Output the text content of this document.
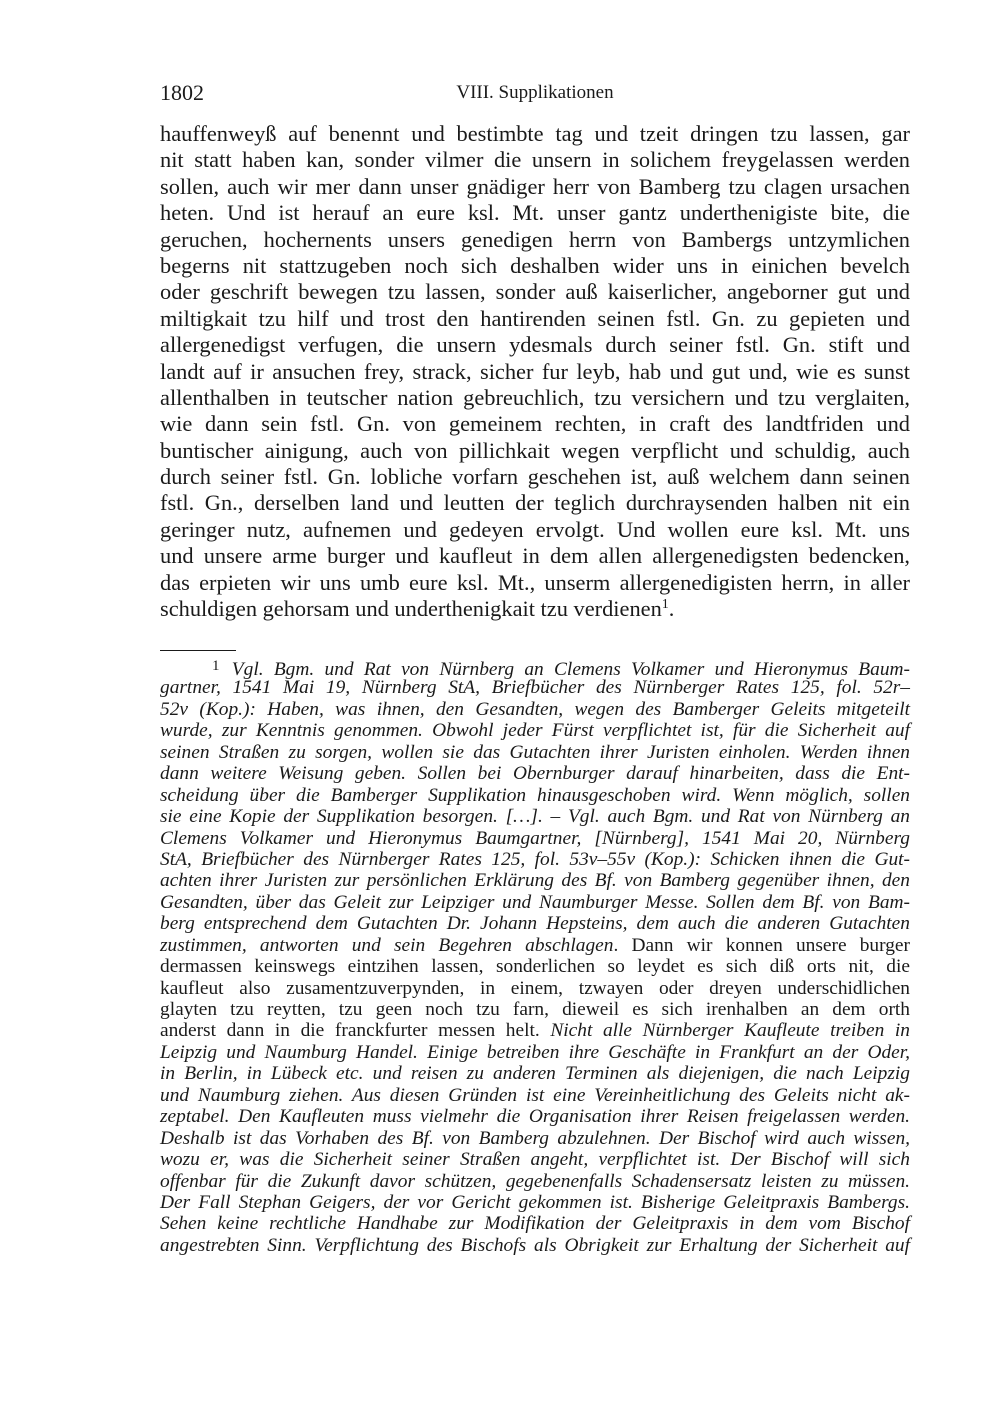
1802	VIII. Supplikationen
hauffenweyß auf benennt und bestimbte tag und tzeit dringen tzu lassen, gar
nit statt haben kan, sonder vilmer die unsern in solichem freygelassen werden
sollen, auch wir mer dann unser gnädiger herr von Bamberg tzu clagen ursachen
heten. Und ist herauf an eure ksl. Mt. unser gantz underthenigiste bite, die
geruchen, hochernents unsers genedigen herrn von Bambergs untzymlichen
begerns nit stattzugeben noch sich deshalben wider uns in einichen bevelch
oder geschrift bewegen tzu lassen, sonder auß kaiserlicher, angeborner gut und
miltigkait tzu hilf und trost den hantirenden seinen fstl. Gn. zu gepieten und
allergenedigst verfugen, die unsern ydesmals durch seiner fstl. Gn. stift und
landt auf ir ansuchen frey, strack, sicher fur leyb, hab und gut und, wie es sunst
allenthalben in teutscher nation gebreuchlich, tzu versichern und tzu verglaiten,
wie dann sein fstl. Gn. von gemeinem rechten, in craft des landtfriden und
buntischer ainigung, auch von pillichkait wegen verpflicht und schuldig, auch
durch seiner fstl. Gn. lobliche vorfarn geschehen ist, auß welchem dann seinen
fstl. Gn., derselben land und leutten der teglich durchraysenden halben nit ein
geringer nutz, aufnemen und gedeyen ervolgt. Und wollen eure ksl. Mt. uns
und unsere arme burger und kaufleut in dem allen allergenedigsten bedencken,
das erpieten wir uns umb eure ksl. Mt., unserm allergenedigisten herrn, in aller
schuldigen gehorsam und underthenigkait tzu verdienen$^1$.
$^1$ Vgl. Bgm. und Rat von Nürnberg an Clemens Volkamer und Hieronymus Baum-
gartner, 1541 Mai 19, Nürnberg StA, Briefbücher des Nürnberger Rates 125, fol. 52r–
52v (Kop.): Haben, was ihnen, den Gesandten, wegen des Bamberger Geleits mitgeteilt
wurde, zur Kenntnis genommen. Obwohl jeder Fürst verpflichtet ist, für die Sicherheit auf
seinen Straßen zu sorgen, wollen sie das Gutachten ihrer Juristen einholen. Werden ihnen
dann weitere Weisung geben. Sollen bei Obernburger darauf hinarbeiten, dass die Ent-
scheidung über die Bamberger Supplikation hinausgeschoben wird. Wenn möglich, sollen
sie eine Kopie der Supplikation besorgen. […]. – Vgl. auch Bgm. und Rat von Nürnberg an
Clemens Volkamer und Hieronymus Baumgartner, [Nürnberg], 1541 Mai 20, Nürnberg
StA, Briefbücher des Nürnberger Rates 125, fol. 53v–55v (Kop.): Schicken ihnen die Gut-
achten ihrer Juristen zur persönlichen Erklärung des Bf. von Bamberg gegenüber ihnen, den
Gesandten, über das Geleit zur Leipziger und Naumburger Messe. Sollen dem Bf. von Bam-
berg entsprechend dem Gutachten Dr. Johann Hepsteins, dem auch die anderen Gutachten
zustimmen, antworten und sein Begehren abschlagen. Dann wir konnen unsere burger
dermassen keinswegs eintzihen lassen, sonderlichen so leydet es sich diß orts nit, die
kaufleut also zusamentzuverpynden, in einem, tzwayen oder dreyen underschidlichen
glayten tzu reytten, tzu geen noch tzu farn, dieweil es sich irenhalben an dem orth
anderst dann in die franckfurter messen helt. Nicht alle Nürnberger Kaufleute treiben in
Leipzig und Naumburg Handel. Einige betreiben ihre Geschäfte in Frankfurt an der Oder,
in Berlin, in Lübeck etc. und reisen zu anderen Terminen als diejenigen, die nach Leipzig
und Naumburg ziehen. Aus diesen Gründen ist eine Vereinheitlichung des Geleits nicht ak-
zeptabel. Den Kaufleuten muss vielmehr die Organisation ihrer Reisen freigelassen werden.
Deshalb ist das Vorhaben des Bf. von Bamberg abzulehnen. Der Bischof wird auch wissen,
wozu er, was die Sicherheit seiner Straßen angeht, verpflichtet ist. Der Bischof will sich
offenbar für die Zukunft davor schützen, gegebenenfalls Schadensersatz leisten zu müssen.
Der Fall Stephan Geigers, der vor Gericht gekommen ist. Bisherige Geleitpraxis Bambergs.
Sehen keine rechtliche Handhabe zur Modifikation der Geleitpraxis in dem vom Bischof
angestrebten Sinn. Verpflichtung des Bischofs als Obrigkeit zur Erhaltung der Sicherheit auf
